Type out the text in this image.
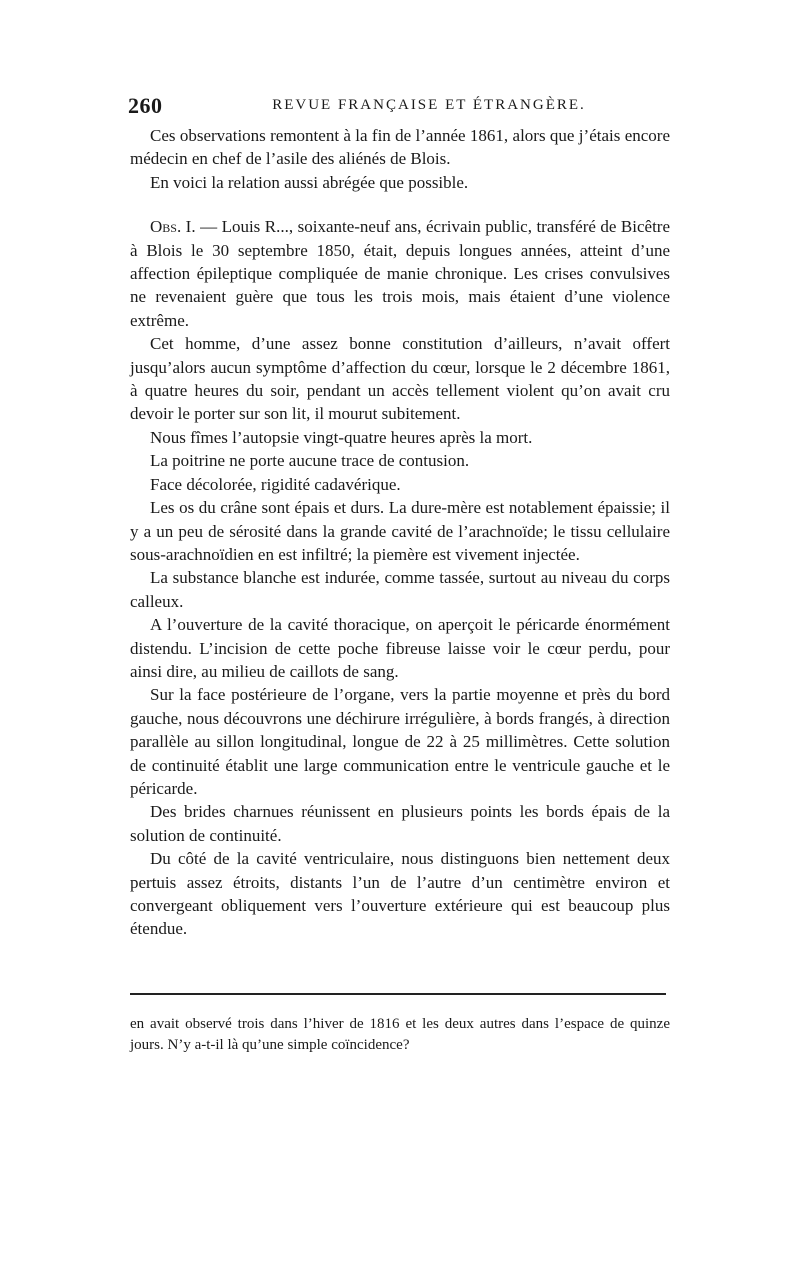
260	REVUE FRANÇAISE ET ÉTRANGÈRE.

Ces observations remontent à la fin de l’année 1861, alors que j’étais encore médecin en chef de l’asile des aliénés de Blois.

En voici la relation aussi abrégée que possible.

Obs. I. — Louis R..., soixante-neuf ans, écrivain public, transféré de Bicêtre à Blois le 30 septembre 1850, était, depuis longues années, atteint d’une affection épileptique compliquée de manie chronique. Les crises convulsives ne revenaient guère que tous les trois mois, mais étaient d’une violence extrême.

Cet homme, d’une assez bonne constitution d’ailleurs, n’avait offert jusqu’alors aucun symptôme d’affection du cœur, lorsque le 2 décembre 1861, à quatre heures du soir, pendant un accès tellement violent qu’on avait cru devoir le porter sur son lit, il mourut subitement.

Nous fîmes l’autopsie vingt-quatre heures après la mort.

La poitrine ne porte aucune trace de contusion.

Face décolorée, rigidité cadavérique.

Les os du crâne sont épais et durs. La dure-mère est notablement épaissie; il y a un peu de sérosité dans la grande cavité de l’arachnoïde; le tissu cellulaire sous-arachnoïdien en est infiltré; la piemère est vivement injectée.

La substance blanche est indurée, comme tassée, surtout au niveau du corps calleux.

A l’ouverture de la cavité thoracique, on aperçoit le péricarde énormément distendu. L’incision de cette poche fibreuse laisse voir le cœur perdu, pour ainsi dire, au milieu de caillots de sang.

Sur la face postérieure de l’organe, vers la partie moyenne et près du bord gauche, nous découvrons une déchirure irrégulière, à bords frangés, à direction parallèle au sillon longitudinal, longue de 22 à 25 millimètres. Cette solution de continuité établit une large communication entre le ventricule gauche et le péricarde.

Des brides charnues réunissent en plusieurs points les bords épais de la solution de continuité.

Du côté de la cavité ventriculaire, nous distinguons bien nettement deux pertuis assez étroits, distants l’un de l’autre d’un centimètre environ et convergeant obliquement vers l’ouverture extérieure qui est beaucoup plus étendue.

en avait observé trois dans l’hiver de 1816 et les deux autres dans l’espace de quinze jours. N’y a-t-il là qu’une simple coïncidence?
